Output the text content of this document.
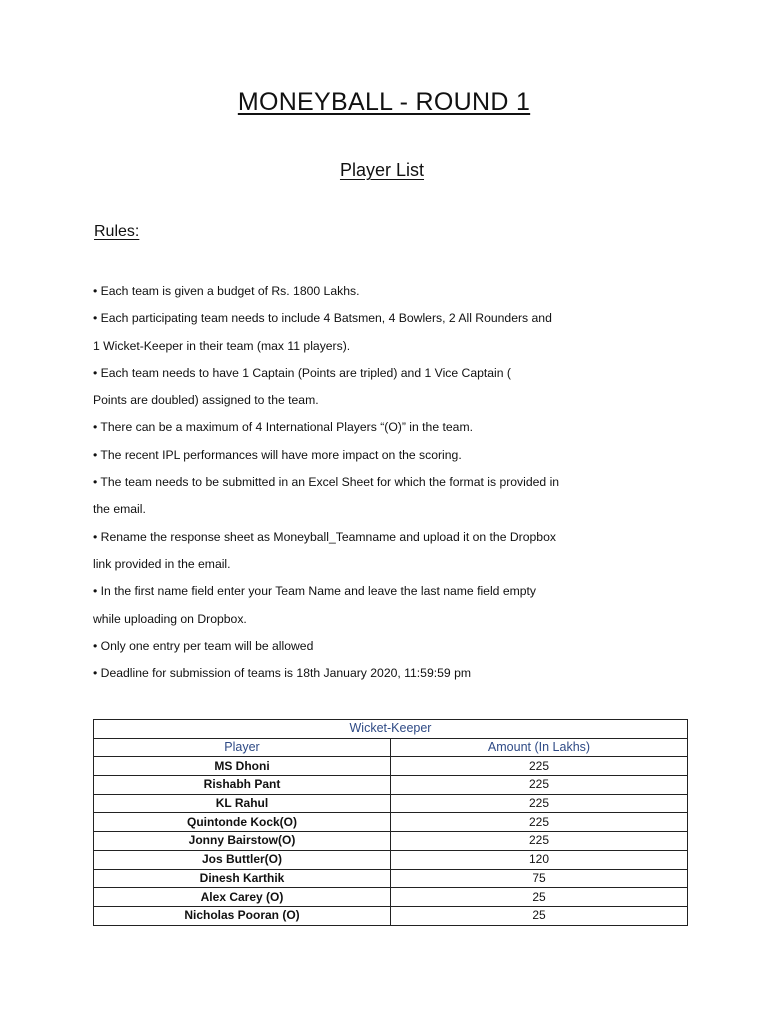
MONEYBALL - ROUND 1
Player List
Rules:
• Each team is given a budget of Rs. 1800 Lakhs.
• Each participating team needs to include 4 Batsmen, 4 Bowlers, 2 All Rounders and
1 Wicket-Keeper in their team (max 11 players).
• Each team needs to have 1 Captain (Points are tripled) and 1 Vice Captain (
Points are doubled) assigned to the team.
• There can be a maximum of 4 International Players “(O)” in the team.
• The recent IPL performances will have more impact on the scoring.
• The team needs to be submitted in an Excel Sheet for which the format is provided in
the email.
• Rename the response sheet as Moneyball_Teamname and upload it on the Dropbox
link provided in the email.
• In the first name field enter your Team Name and leave the last name field empty
while uploading on Dropbox.
• Only one entry per team will be allowed
• Deadline for submission of teams is 18th January 2020, 11:59:59 pm
Wicket-Keeper	
Player	Amount (In Lakhs)
MS Dhoni	225
Rishabh Pant	225
KL Rahul	225
Quintonde Kock(O)	225
Jonny Bairstow(O)	225
Jos Buttler(O)	120
Dinesh Karthik	75
Alex Carey (O)	25
Nicholas Pooran (O)	25
